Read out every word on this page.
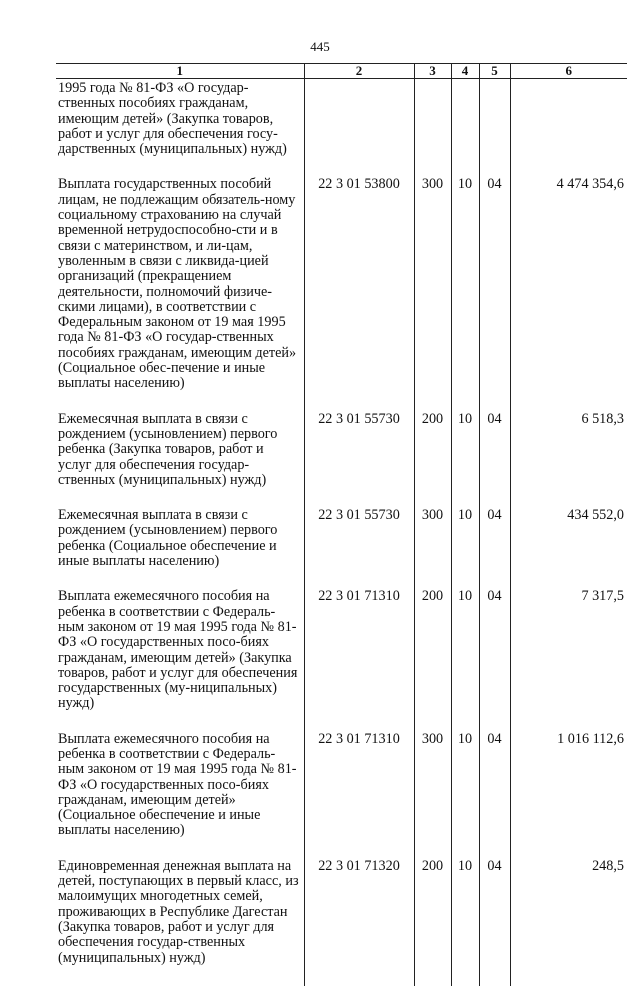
445
1	2	3	4	5	6
1995 года № 81-ФЗ «О государ-ственных пособиях гражданам, имеющим детей» (Закупка товаров, работ и услуг для обеспечения госу-дарственных (муниципальных) нужд)					
Выплата государственных пособий лицам, не подлежащим обязатель-ному социальному страхованию на случай временной нетрудоспособно-сти и в связи с материнством, и ли-цам, уволенным в связи с ликвида-цией организаций (прекращением деятельности, полномочий физиче-скими лицами), в соответствии с Федеральным законом от 19 мая 1995 года № 81-ФЗ «О государ-ственных пособиях гражданам, имеющим детей» (Социальное обес-печение и иные выплаты населению)	22 3 01 53800	300	10	04	4 474 354,6
Ежемесячная выплата в связи с рождением (усыновлением) первого ребенка (Закупка товаров, работ и услуг для обеспечения государ-ственных (муниципальных) нужд)	22 3 01 55730	200	10	04	6 518,3
Ежемесячная выплата в связи с рождением (усыновлением) первого ребенка (Социальное обеспечение и иные выплаты населению)	22 3 01 55730	300	10	04	434 552,0
Выплата ежемесячного пособия на ребенка в соответствии с Федераль-ным законом от 19 мая 1995 года № 81-ФЗ «О государственных посо-биях гражданам, имеющим детей» (Закупка товаров, работ и услуг для обеспечения государственных (му-ниципальных) нужд)	22 3 01 71310	200	10	04	7 317,5
Выплата ежемесячного пособия на ребенка в соответствии с Федераль-ным законом от 19 мая 1995 года № 81-ФЗ «О государственных посо-биях гражданам, имеющим детей» (Социальное обеспечение и иные выплаты населению)	22 3 01 71310	300	10	04	1 016 112,6
Единовременная денежная выплата на детей, поступающих в первый класс, из малоимущих многодетных семей, проживающих в Республике Дагестан (Закупка товаров, работ и услуг для обеспечения государ-ственных (муниципальных) нужд)	22 3 01 71320	200	10	04	248,5
